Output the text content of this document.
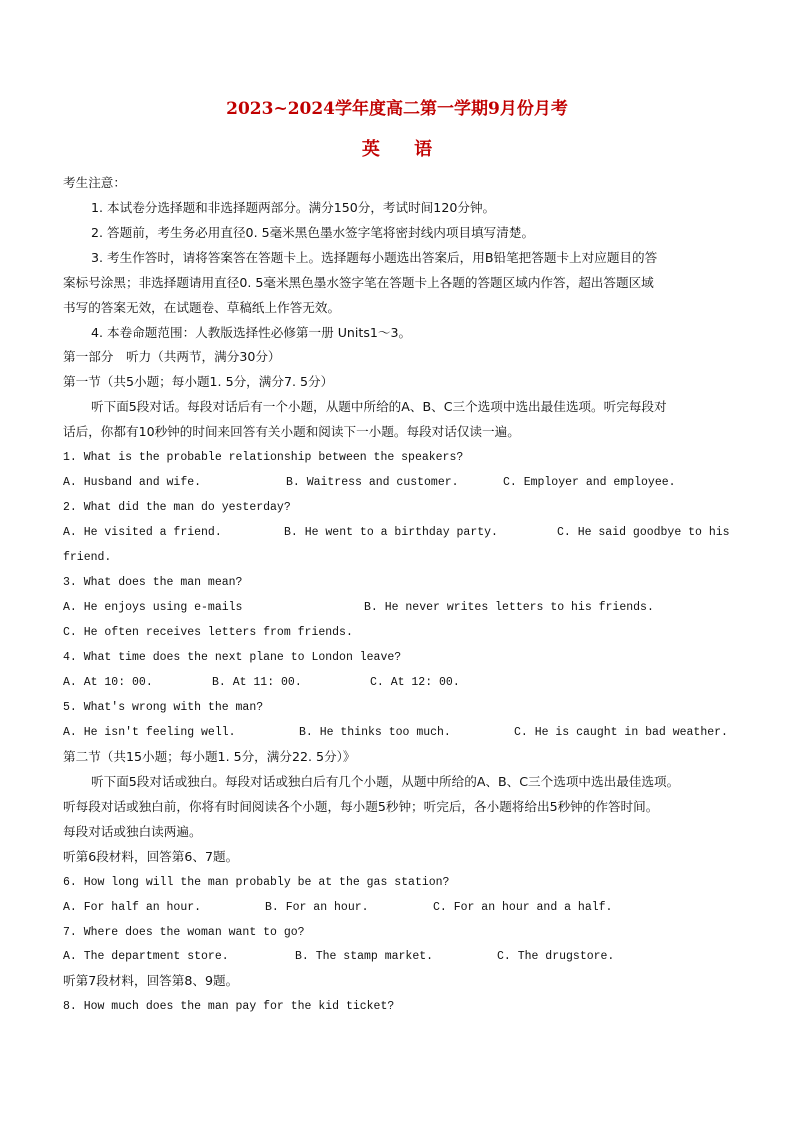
2023~2024学年度高二第一学期9月份月考
英 语
考生注意：
1. 本试卷分选择题和非选择题两部分。满分150分，考试时间120分钟。
2. 答题前，考生务必用直径0. 5毫米黑色墨水签字笔将密封线内项目填写清楚。
3. 考生作答时，请将答案答在答题卡上。选择题每小题选出答案后，用B铅笔把答题卡上对应题目的答
案标号涂黑；非选择题请用直径0. 5毫米黑色墨水签字笔在答题卡上各题的答题区域内作答，超出答题区域
书写的答案无效，在试题卷、草稿纸上作答无效。
4. 本卷命题范围：人教版选择性必修第一册 Units1～3。
第一部分　听力（共两节，满分30分）
第一节（共5小题；每小题1. 5分，满分7. 5分）
听下面5段对话。每段对话后有一个小题，从题中所给的A、B、C三个选项中选出最佳选项。听完每段对
话后，你都有10秒钟的时间来回答有关小题和阅读下一小题。每段对话仅读一遍。
1. What is the probable relationship between the speakers?
A. Husband and wife.	B. Waitress and customer.	C. Employer and employee.
2. What did the man do yesterday?
A. He visited a friend.	B. He went to a birthday party.	C. He said goodbye to his
friend.
3. What does the man mean?
A. He enjoys using e-mails	B. He never writes letters to his friends.
C. He often receives letters from friends.
4. What time does the next plane to London leave?
A. At 10: 00.	B. At 11: 00.	C. At 12: 00.
5. What's wrong with the man?
A. He isn't feeling well.	B. He thinks too much.	C. He is caught in bad weather.
第二节（共15小题；每小题1. 5分，满分22. 5分）》
听下面5段对话或独白。每段对话或独白后有几个小题，从题中所给的A、B、C三个选项中选出最佳选项。
听每段对话或独白前，你将有时间阅读各个小题，每小题5秒钟；听完后，各小题将给出5秒钟的作答时间。
每段对话或独白读两遍。
听第6段材料，回答第6、7题。
6. How long will the man probably be at the gas station?
A. For half an hour.	B. For an hour.	C. For an hour and a half.
7. Where does the woman want to go?
A. The department store.	B. The stamp market.	C. The drugstore.
听第7段材料，回答第8、9题。
8. How much does the man pay for the kid ticket?
